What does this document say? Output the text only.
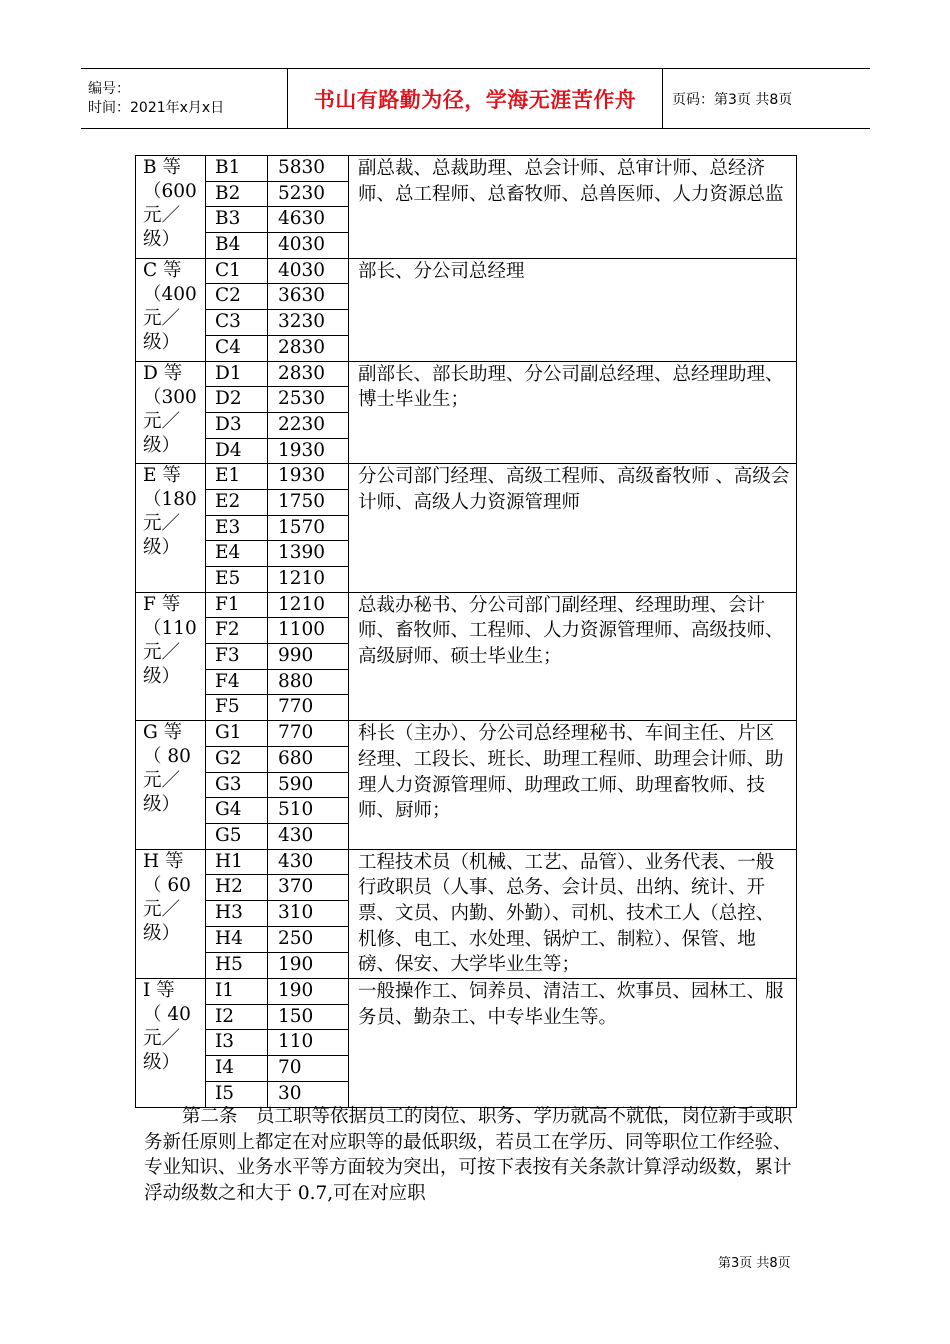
编号：
时间：2021年x月x日	书山有路勤为径，学海无涯苦作舟	页码：第3页 共8页
B 等
（600元／级）	B1	5830	副总裁、总裁助理、总会计师、总审计师、总经济师、总工程师、总畜牧师、总兽医师、人力资源总监
	B2	5230	
	B3	4630	
	B4	4030	

C 等
（400元／级）	C1	4030	部长、分公司总经理
	C2	3630	
	C3	3230	
	C4	2830	

D 等
（300元／级）	D1	2830	副部长、部长助理、分公司副总经理、总经理助理、博士毕业生；
	D2	2530	
	D3	2230	
	D4	1930	

E 等
（180元／级）	E1	1930	分公司部门经理、高级工程师、高级畜牧师 、高级会计师、高级人力资源管理师
	E2	1750	
	E3	1570	
	E4	1390	
	E5	1210	

F 等
（110元／级）	F1	1210	总裁办秘书、分公司部门副经理、经理助理、会计师、畜牧师、工程师、人力资源管理师、高级技师、高级厨师、硕士毕业生；
	F2	1100	
	F3	990	
	F4	880	
	F5	770	

G 等
（ 80元／级）	G1	770	科长（主办）、分公司总经理秘书、车间主任、片区经理、工段长、班长、助理工程师、助理会计师、助理人力资源管理师、助理政工师、助理畜牧师、技师、厨师；
	G2	680	
	G3	590	
	G4	510	
	G5	430	

H 等
（ 60元／级）	H1	430	工程技术员（机械、工艺、品管）、业务代表、一般行政职员（人事、总务、会计员、出纳、统计、开票、文员、内勤、外勤）、司机、技术工人（总控、机修、电工、水处理、锅炉工、制粒）、保管、地磅、保安、大学毕业生等；
	H2	370	
	H3	310	
	H4	250	
	H5	190	

I 等
（ 40元／级）	I1	190	一般操作工、饲养员、清洁工、炊事员、园林工、服务员、勤杂工、中专毕业生等。
	I2	150	
	I3	110	
	I4	70	
	I5	30	

第二条　员工职等依据员工的岗位、职务、学历就高不就低，岗位新手或职务新任原则上都定在对应职等的最低职级，若员工在学历、同等职位工作经验、专业知识、业务水平等方面较为突出，可按下表按有关条款计算浮动级数，累计浮动级数之和大于 0.7,可在对应职

第3页 共8页
